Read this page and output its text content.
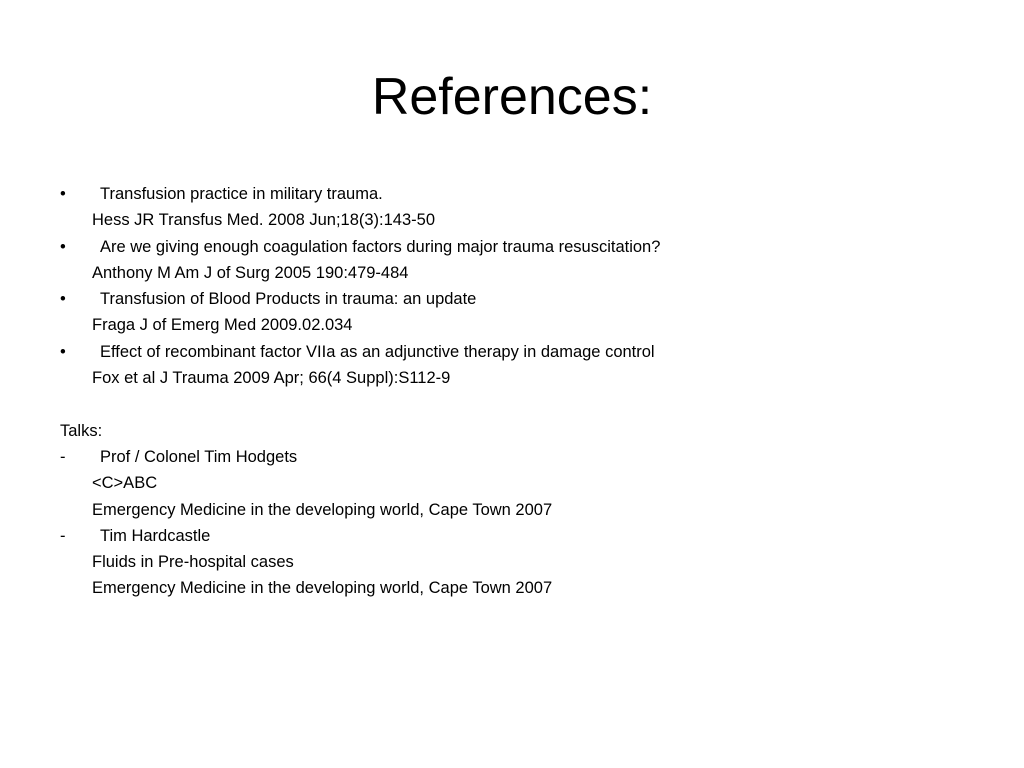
References:
• Transfusion practice in military trauma.
Hess JR Transfus Med. 2008 Jun;18(3):143-50
• Are we giving enough coagulation factors during major trauma resuscitation?
Anthony M Am J of Surg 2005 190:479-484
• Transfusion of Blood Products in trauma: an update
Fraga J of Emerg Med 2009.02.034
• Effect of recombinant factor VIIa as an adjunctive therapy in damage control
Fox et al J Trauma 2009 Apr; 66(4 Suppl):S112-9
Talks:
- Prof / Colonel Tim Hodgets
<C>ABC
Emergency Medicine in the developing world, Cape Town 2007
- Tim Hardcastle
Fluids in Pre-hospital cases
Emergency Medicine in the developing world, Cape Town 2007
